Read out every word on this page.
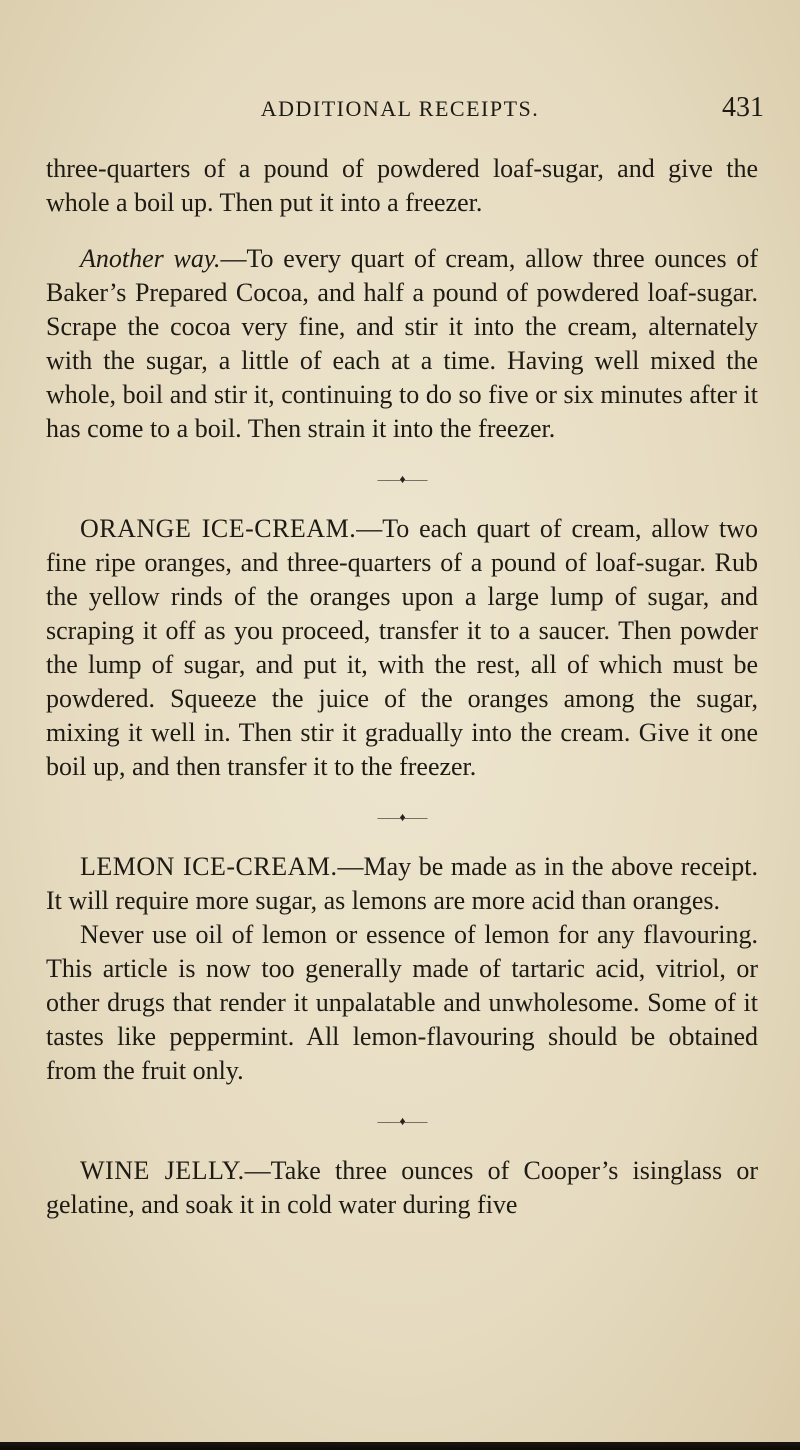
ADDITIONAL RECEIPTS.	431

three-quarters of a pound of powdered loaf-sugar, and give the whole a boil up. Then put it into a freezer.

Another way.—To every quart of cream, allow three ounces of Baker’s Prepared Cocoa, and half a pound of powdered loaf-sugar. Scrape the cocoa very fine, and stir it into the cream, alternately with the sugar, a little of each at a time. Having well mixed the whole, boil and stir it, continuing to do so five or six minutes after it has come to a boil. Then strain it into the freezer.

——♦——

ORANGE ICE-CREAM.—To each quart of cream, allow two fine ripe oranges, and three-quarters of a pound of loaf-sugar. Rub the yellow rinds of the oranges upon a large lump of sugar, and scraping it off as you proceed, transfer it to a saucer. Then powder the lump of sugar, and put it, with the rest, all of which must be powdered. Squeeze the juice of the oranges among the sugar, mixing it well in. Then stir it gradually into the cream. Give it one boil up, and then transfer it to the freezer.

——♦——

LEMON ICE-CREAM.—May be made as in the above receipt. It will require more sugar, as lemons are more acid than oranges.

Never use oil of lemon or essence of lemon for any flavouring. This article is now too generally made of tartaric acid, vitriol, or other drugs that render it unpalatable and unwholesome. Some of it tastes like peppermint. All lemon-flavouring should be obtained from the fruit only.

——♦——

WINE JELLY.—Take three ounces of Cooper’s isinglass or gelatine, and soak it in cold water during five
